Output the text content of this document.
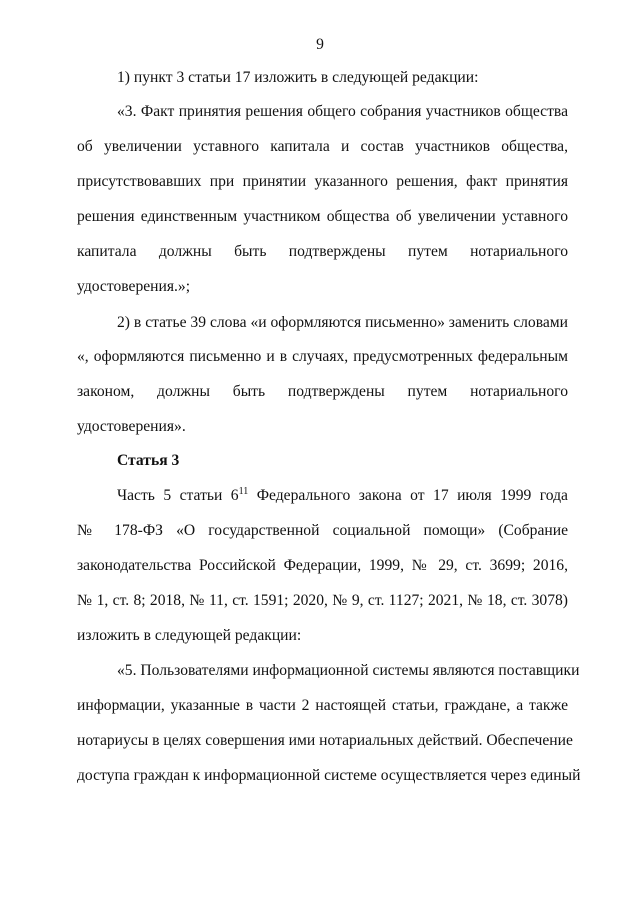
9
1) пункт 3 статьи 17 изложить в следующей редакции:
«3. Факт принятия решения общего собрания участников общества
об увеличении уставного капитала и состав участников общества,
присутствовавших при принятии указанного решения, факт принятия
решения единственным участником общества об увеличении уставного
капитала должны быть подтверждены путем нотариального
удостоверения.»;
2) в статье 39 слова «и оформляются письменно» заменить словами
«, оформляются письменно и в случаях, предусмотренных федеральным
законом, должны быть подтверждены путем нотариального
удостоверения».
Статья 3
Часть 5 статьи $6^{11}$ Федерального закона от 17 июля 1999 года
№ 178-ФЗ «О государственной социальной помощи» (Собрание
законодательства Российской Федерации, 1999, № 29, ст. 3699; 2016,
№ 1, ст. 8; 2018, № 11, ст. 1591; 2020, № 9, ст. 1127; 2021, № 18, ст. 3078)
изложить в следующей редакции:
«5. Пользователями информационной системы являются поставщики
информации, указанные в части 2 настоящей статьи, граждане, а также
нотариусы в целях совершения ими нотариальных действий. Обеспечение
доступа граждан к информационной системе осуществляется через единый
